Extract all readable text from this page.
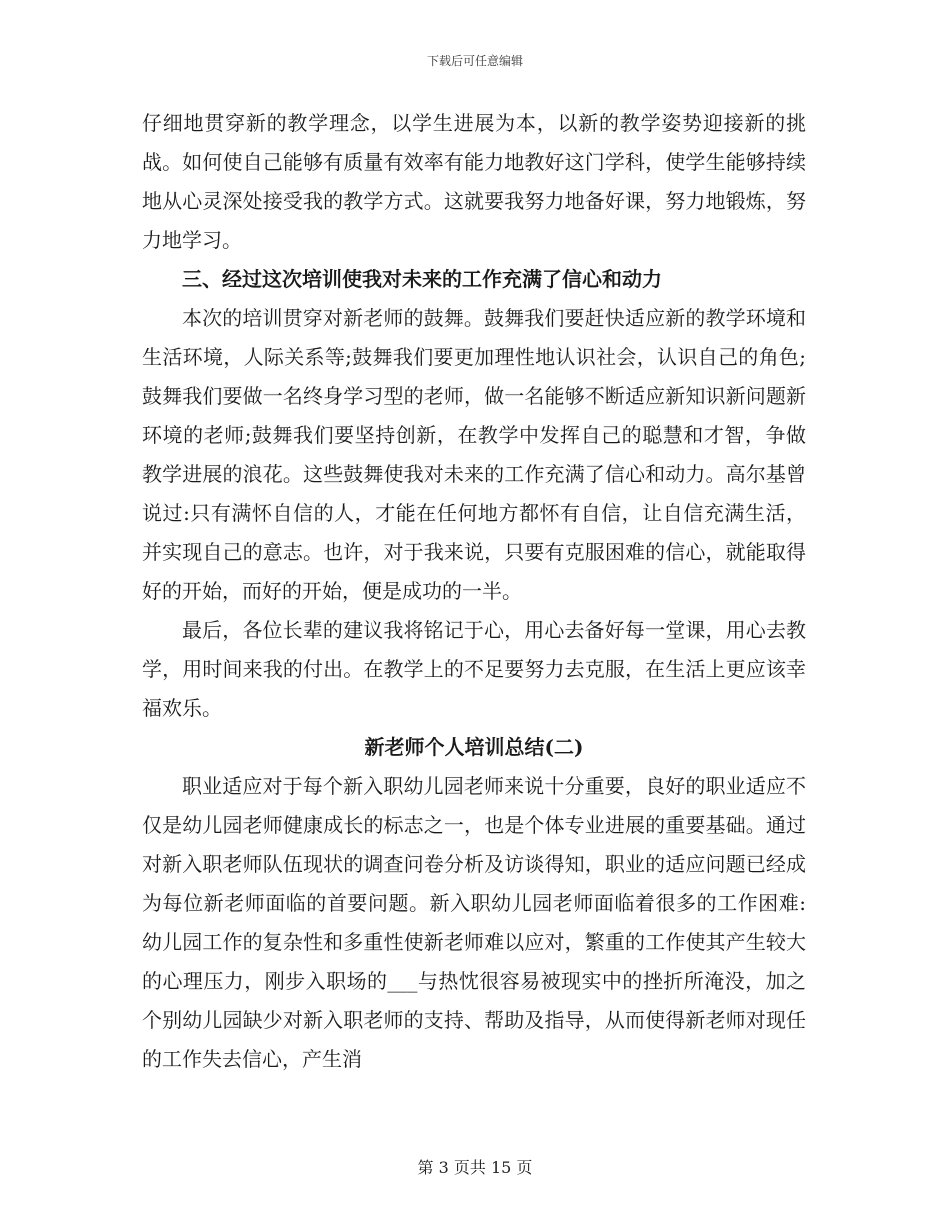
下载后可任意编辑

仔细地贯穿新的教学理念，以学生进展为本，以新的教学姿势迎接新的挑战。如何使自己能够有质量有效率有能力地教好这门学科，使学生能够持续地从心灵深处接受我的教学方式。这就要我努力地备好课，努力地锻炼，努力地学习。

三、经过这次培训使我对未来的工作充满了信心和动力

本次的培训贯穿对新老师的鼓舞。鼓舞我们要赶快适应新的教学环境和生活环境，人际关系等;鼓舞我们要更加理性地认识社会，认识自己的角色;鼓舞我们要做一名终身学习型的老师，做一名能够不断适应新知识新问题新环境的老师;鼓舞我们要坚持创新，在教学中发挥自己的聪慧和才智，争做教学进展的浪花。这些鼓舞使我对未来的工作充满了信心和动力。高尔基曾说过:只有满怀自信的人，才能在任何地方都怀有自信，让自信充满生活，并实现自己的意志。也许，对于我来说，只要有克服困难的信心，就能取得好的开始，而好的开始，便是成功的一半。

最后，各位长辈的建议我将铭记于心，用心去备好每一堂课，用心去教学，用时间来我的付出。在教学上的不足要努力去克服，在生活上更应该幸福欢乐。

新老师个人培训总结(二)

职业适应对于每个新入职幼儿园老师来说十分重要，良好的职业适应不仅是幼儿园老师健康成长的标志之一，也是个体专业进展的重要基础。通过对新入职老师队伍现状的调查问卷分析及访谈得知，职业的适应问题已经成为每位新老师面临的首要问题。新入职幼儿园老师面临着很多的工作困难:幼儿园工作的复杂性和多重性使新老师难以应对，繁重的工作使其产生较大的心理压力，刚步入职场的___与热忱很容易被现实中的挫折所淹没，加之个别幼儿园缺少对新入职老师的支持、帮助及指导，从而使得新老师对现任的工作失去信心，产生消

第 3 页共 15 页
